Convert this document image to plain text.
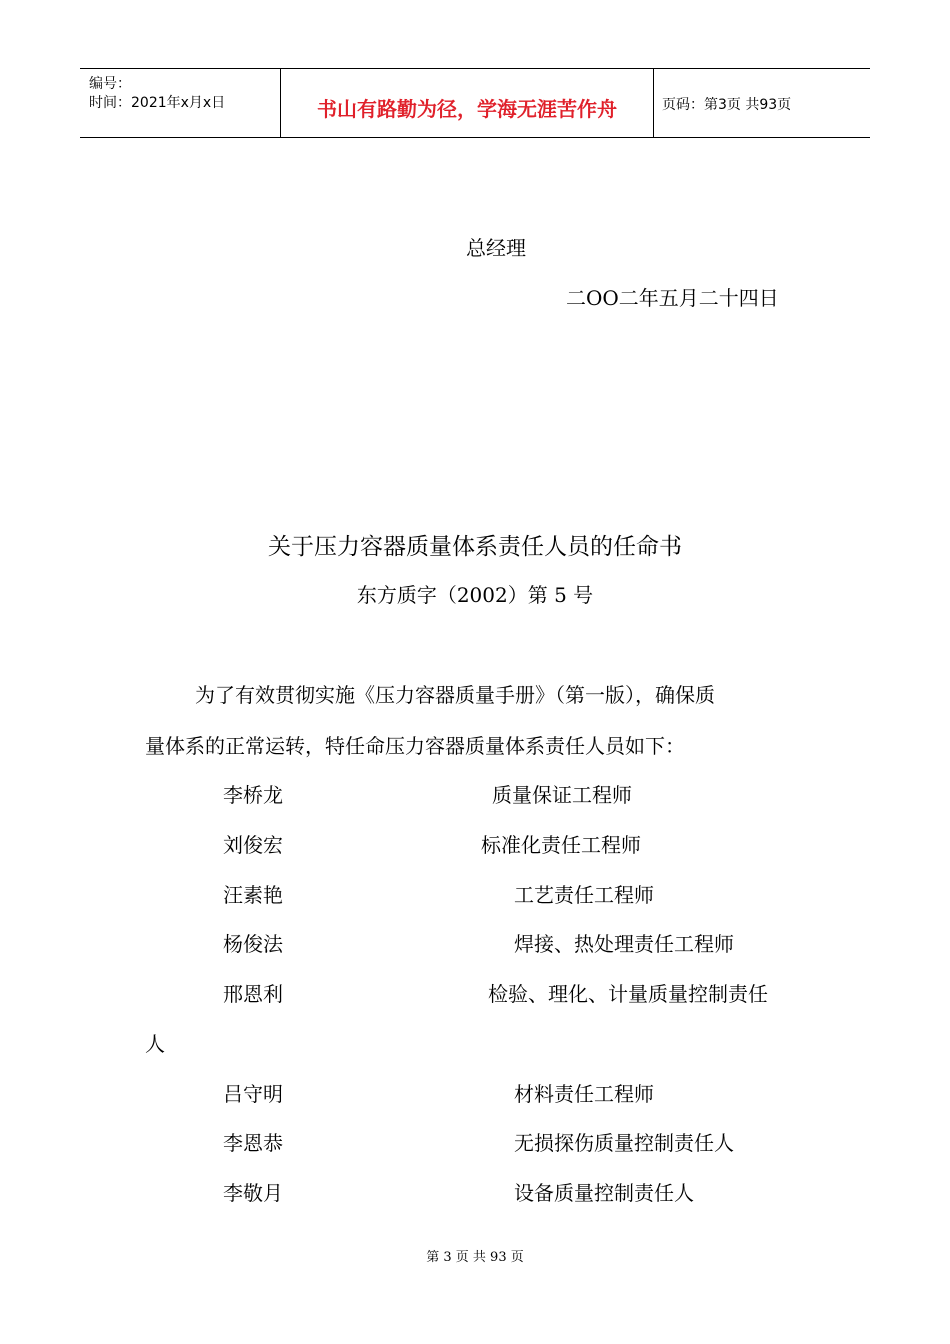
编号：
时间：2021年x月x日	书山有路勤为径，学海无涯苦作舟	页码：第3页 共93页
总经理
二OO二年五月二十四日
关于压力容器质量体系责任人员的任命书
东方质字（2002）第 5 号
为了有效贯彻实施《压力容器质量手册》（第一版），确保质
量体系的正常运转，特任命压力容器质量体系责任人员如下：
李桥龙	质量保证工程师
刘俊宏	标准化责任工程师
汪素艳	工艺责任工程师
杨俊法	焊接、热处理责任工程师
邢恩利	检验、理化、计量质量控制责任
人
吕守明	材料责任工程师
李恩恭	无损探伤质量控制责任人
李敬月	设备质量控制责任人
第 3 页 共 93 页
